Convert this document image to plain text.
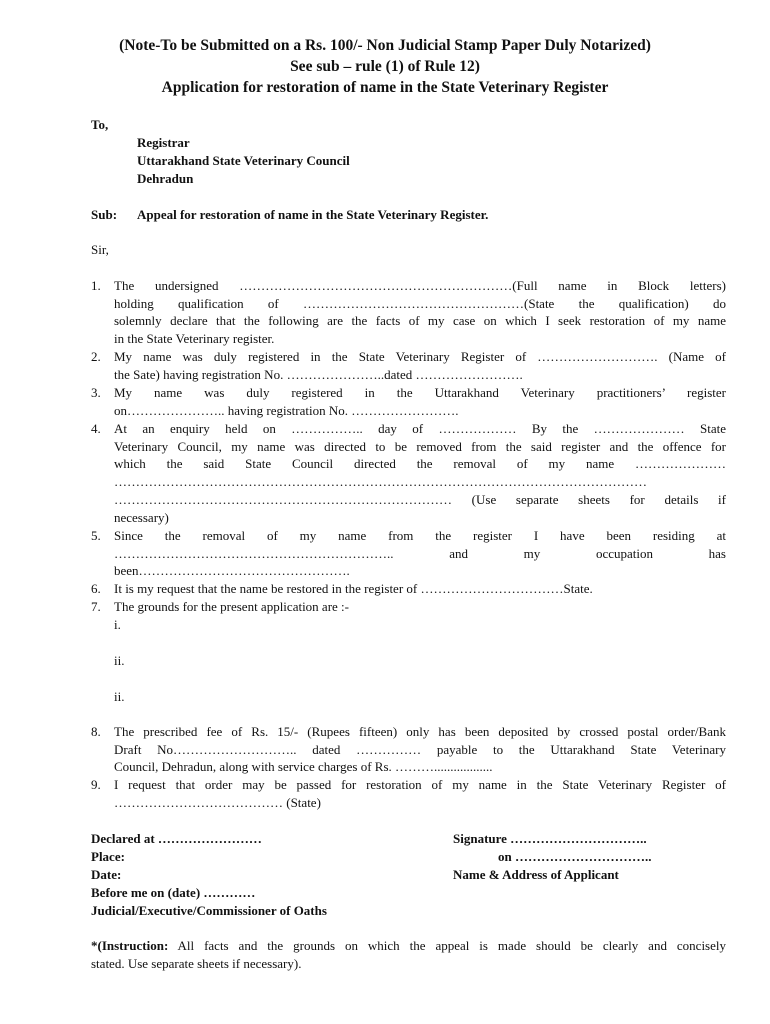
(Note-To be Submitted on a Rs. 100/- Non Judicial Stamp Paper Duly Notarized)
See sub – rule (1) of Rule 12)
Application for restoration of name in the State Veterinary Register
To,
Registrar
Uttarakhand State Veterinary Council
Dehradun
Sub: Appeal for restoration of name in the State Veterinary Register.
Sir,
1. The undersigned ………………………………………………………(Full name in Block letters)
holding qualification of ……………………………………………(State the qualification) do
solemnly declare that the following are the facts of my case on which I seek restoration of my name
in the State Veterinary register.
2. My name was duly registered in the State Veterinary Register of ………………………. (Name of
the Sate) having registration No. …………………..dated …………………….
3. My name was duly registered in the Uttarakhand Veterinary practitioners’ register
on………………….. having registration No. …………………….
4. At an enquiry held on …………….. day of ……………… By the ………………… State
Veterinary Council, my name was directed to be removed from the said register and the offence for
which the said State Council directed the removal of my name …………………
……………………………………………………………………………………………………………
…………………………………………………………………… (Use separate sheets for details if
necessary)
5. Since the removal of my name from the register I have been residing at
……………………………………………………….. and my occupation has
been………………………………………….
6. It is my request that the name be restored in the register of ……………………………State.
7. The grounds for the present application are :-
i.
ii.
ii.
8. The prescribed fee of Rs. 15/- (Rupees fifteen) only has been deposited by crossed postal order/Bank
Draft No……………………….. dated …………… payable to the Uttarakhand State Veterinary
Council, Dehradun, along with service charges of Rs. ………..................
9. I request that order may be passed for restoration of my name in the State Veterinary Register of
………………………………… (State)
Declared at ……………………
Place:
Date:
Before me on (date) …………
Judicial/Executive/Commissioner of Oaths
Signature …………………………..
on …………………………..
Name & Address of Applicant
*(Instruction: All facts and the grounds on which the appeal is made should be clearly and concisely
stated. Use separate sheets if necessary).
